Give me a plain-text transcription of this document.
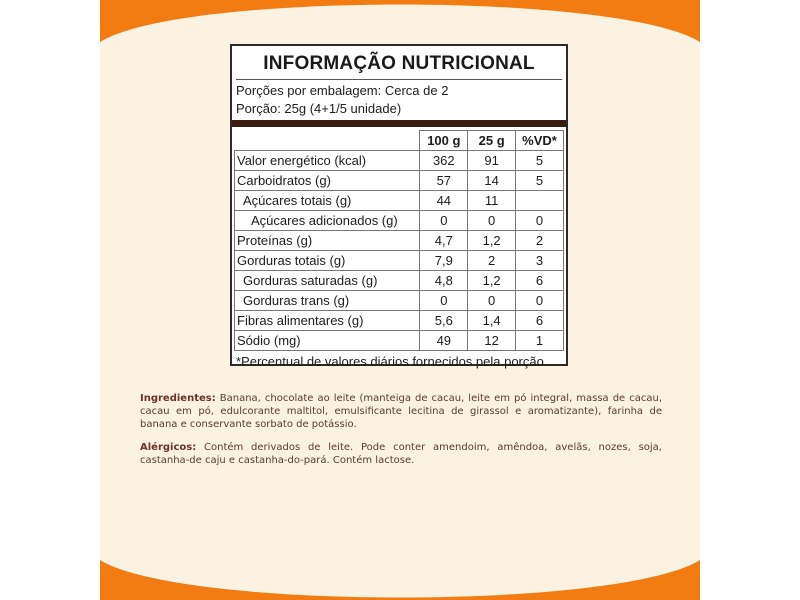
INFORMAÇÃO NUTRICIONAL
Porções por embalagem: Cerca de 2
Porção: 25g (4+1/5 unidade)
	100 g	25 g	%VD*
Valor energético (kcal)	362	91	5
Carboidratos (g)	57	14	5
Açúcares totais (g)	44	11	
Açúcares adicionados (g)	0	0	0
Proteínas (g)	4,7	1,2	2
Gorduras totais (g)	7,9	2	3
Gorduras saturadas (g)	4,8	1,2	6
Gorduras trans (g)	0	0	0
Fibras alimentares (g)	5,6	1,4	6
Sódio (mg)	49	12	1
*Percentual de valores diários fornecidos pela porção.
Ingredientes: Banana, chocolate ao leite (manteiga de cacau, leite em pó integral, massa de cacau, cacau em pó, edulcorante maltitol, emulsificante lecitina de girassol e aromatizante), farinha de banana e conservante sorbato de potássio.
Alérgicos: Contém derivados de leite. Pode conter amendoim, amêndoa, avelãs, nozes, soja, castanha-de caju e castanha-do-pará. Contém lactose.
